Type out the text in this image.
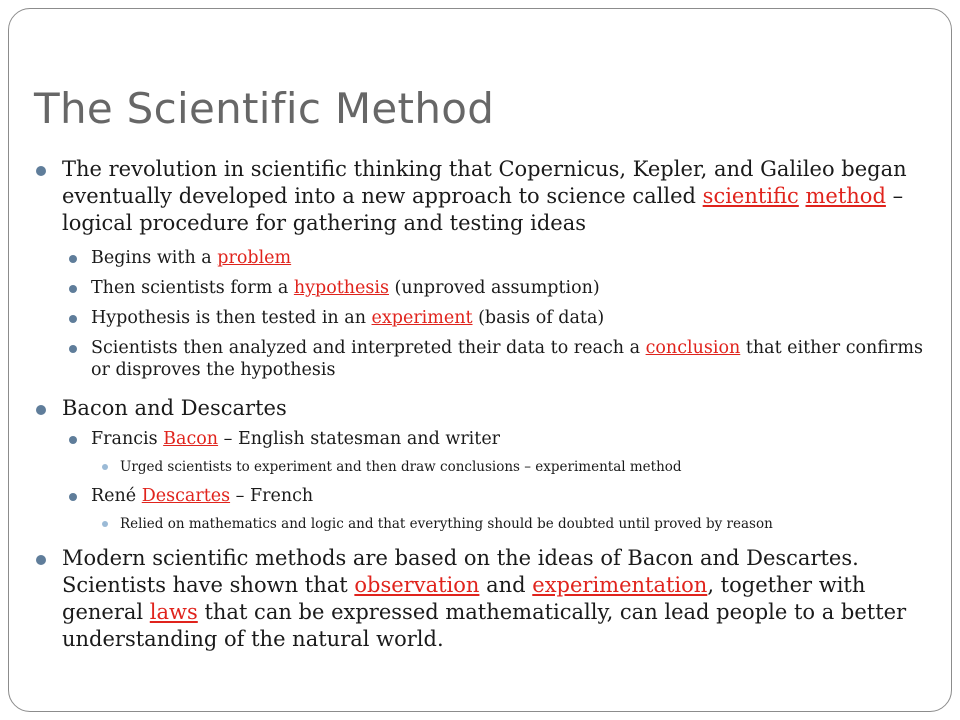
The Scientific Method
The revolution in scientific thinking that Copernicus, Kepler, and Galileo began eventually developed into a new approach to science called scientific method – logical procedure for gathering and testing ideas
Begins with a problem
Then scientists form a hypothesis (unproved assumption)
Hypothesis is then tested in an experiment (basis of data)
Scientists then analyzed and interpreted their data to reach a conclusion that either confirms or disproves the hypothesis
Bacon and Descartes
Francis Bacon – English statesman and writer
Urged scientists to experiment and then draw conclusions – experimental method
René Descartes – French
Relied on mathematics and logic and that everything should be doubted until proved by reason
Modern scientific methods are based on the ideas of Bacon and Descartes. Scientists have shown that observation and experimentation, together with general laws that can be expressed mathematically, can lead people to a better understanding of the natural world.
